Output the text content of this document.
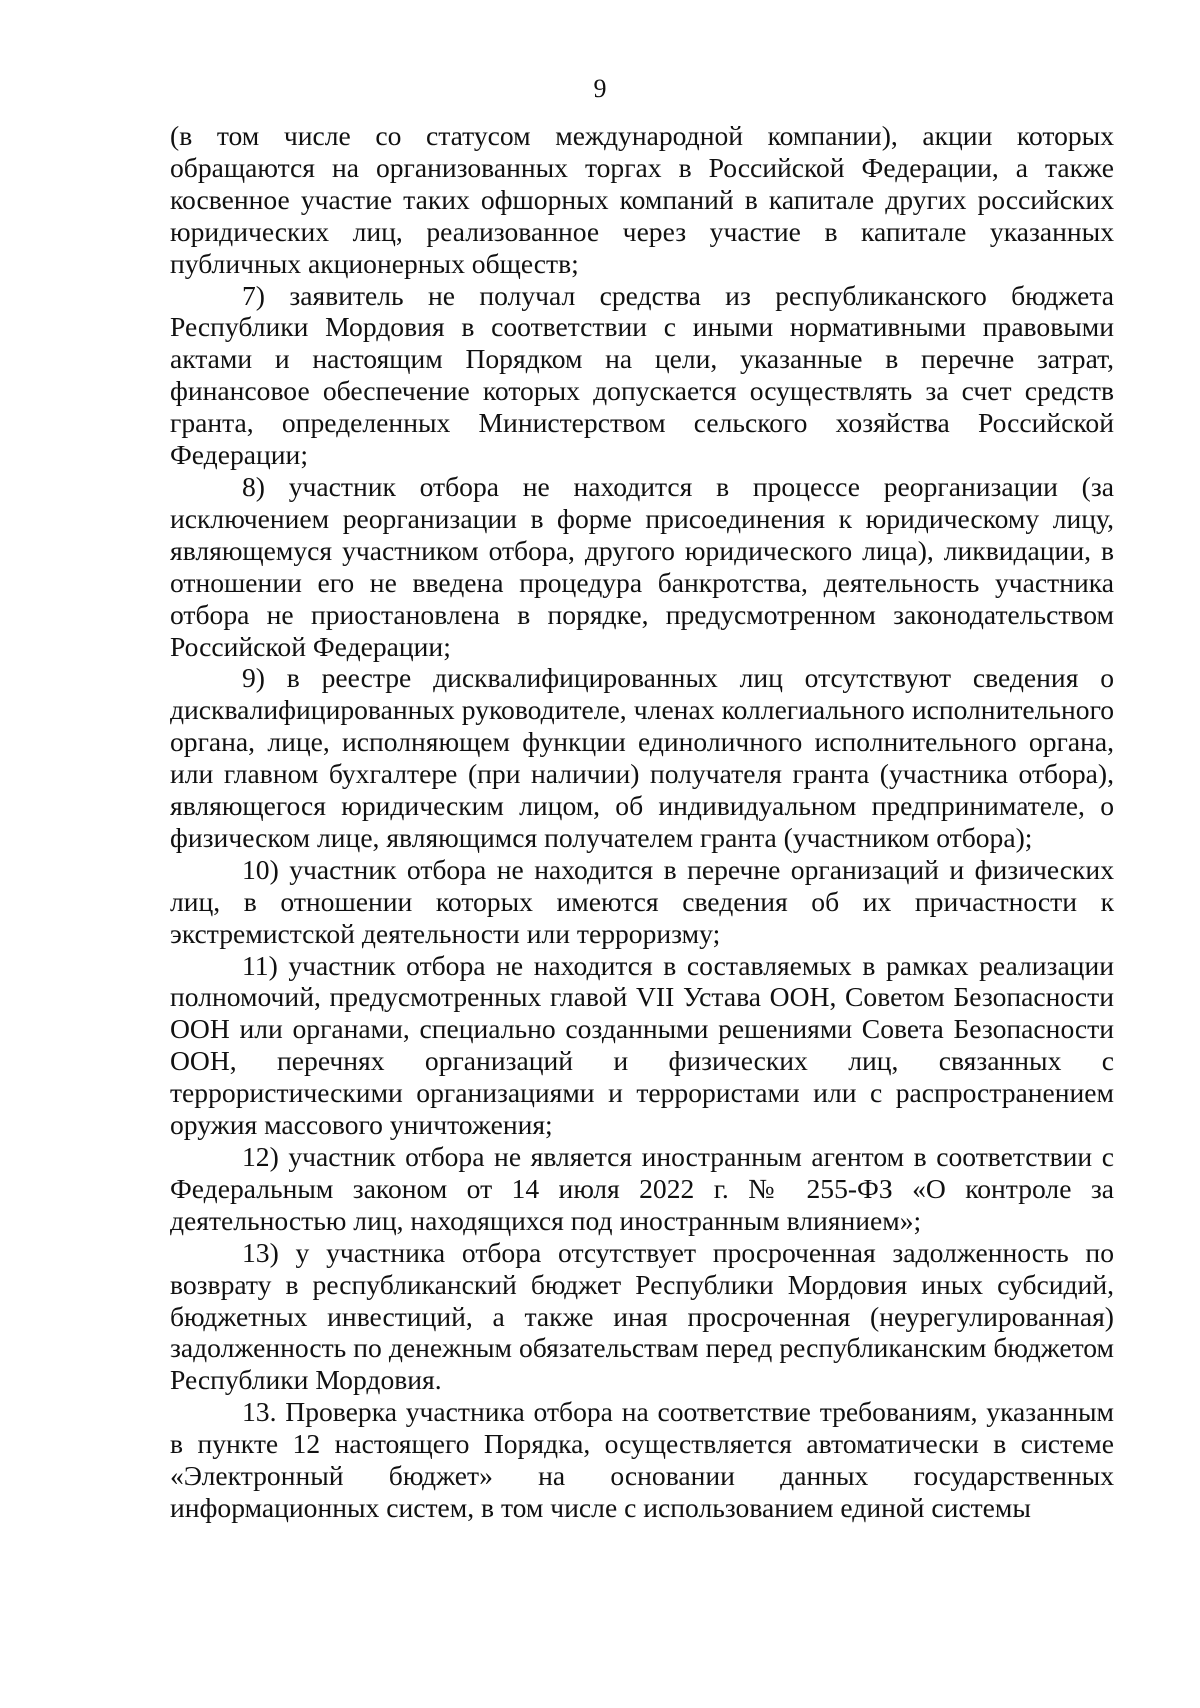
9

(в том числе со статусом международной компании), акции которых обращаются на организованных торгах в Российской Федерации, а также косвенное участие таких офшорных компаний в капитале других российских юридических лиц, реализованное через участие в капитале указанных публичных акционерных обществ;

7) заявитель не получал средства из республиканского бюджета Республики Мордовия в соответствии с иными нормативными правовыми актами и настоящим Порядком на цели, указанные в перечне затрат, финансовое обеспечение которых допускается осуществлять за счет средств гранта, определенных Министерством сельского хозяйства Российской Федерации;

8) участник отбора не находится в процессе реорганизации (за исключением реорганизации в форме присоединения к юридическому лицу, являющемуся участником отбора, другого юридического лица), ликвидации, в отношении его не введена процедура банкротства, деятельность участника отбора не приостановлена в порядке, предусмотренном законодательством Российской Федерации;

9) в реестре дисквалифицированных лиц отсутствуют сведения о дисквалифицированных руководителе, членах коллегиального исполнительного органа, лице, исполняющем функции единоличного исполнительного органа, или главном бухгалтере (при наличии) получателя гранта (участника отбора), являющегося юридическим лицом, об индивидуальном предпринимателе, о физическом лице, являющимся получателем гранта (участником отбора);

10) участник отбора не находится в перечне организаций и физических лиц, в отношении которых имеются сведения об их причастности к экстремистской деятельности или терроризму;

11) участник отбора не находится в составляемых в рамках реализации полномочий, предусмотренных главой VII Устава ООН, Советом Безопасности ООН или органами, специально созданными решениями Совета Безопасности ООН, перечнях организаций и физических лиц, связанных с террористическими организациями и террористами или с распространением оружия массового уничтожения;

12) участник отбора не является иностранным агентом в соответствии с Федеральным законом от 14 июля 2022 г. № 255-ФЗ «О контроле за деятельностью лиц, находящихся под иностранным влиянием»;

13) у участника отбора отсутствует просроченная задолженность по возврату в республиканский бюджет Республики Мордовия иных субсидий, бюджетных инвестиций, а также иная просроченная (неурегулированная) задолженность по денежным обязательствам перед республиканским бюджетом Республики Мордовия.

13. Проверка участника отбора на соответствие требованиям, указанным в пункте 12 настоящего Порядка, осуществляется автоматически в системе «Электронный бюджет» на основании данных государственных информационных систем, в том числе с использованием единой системы
